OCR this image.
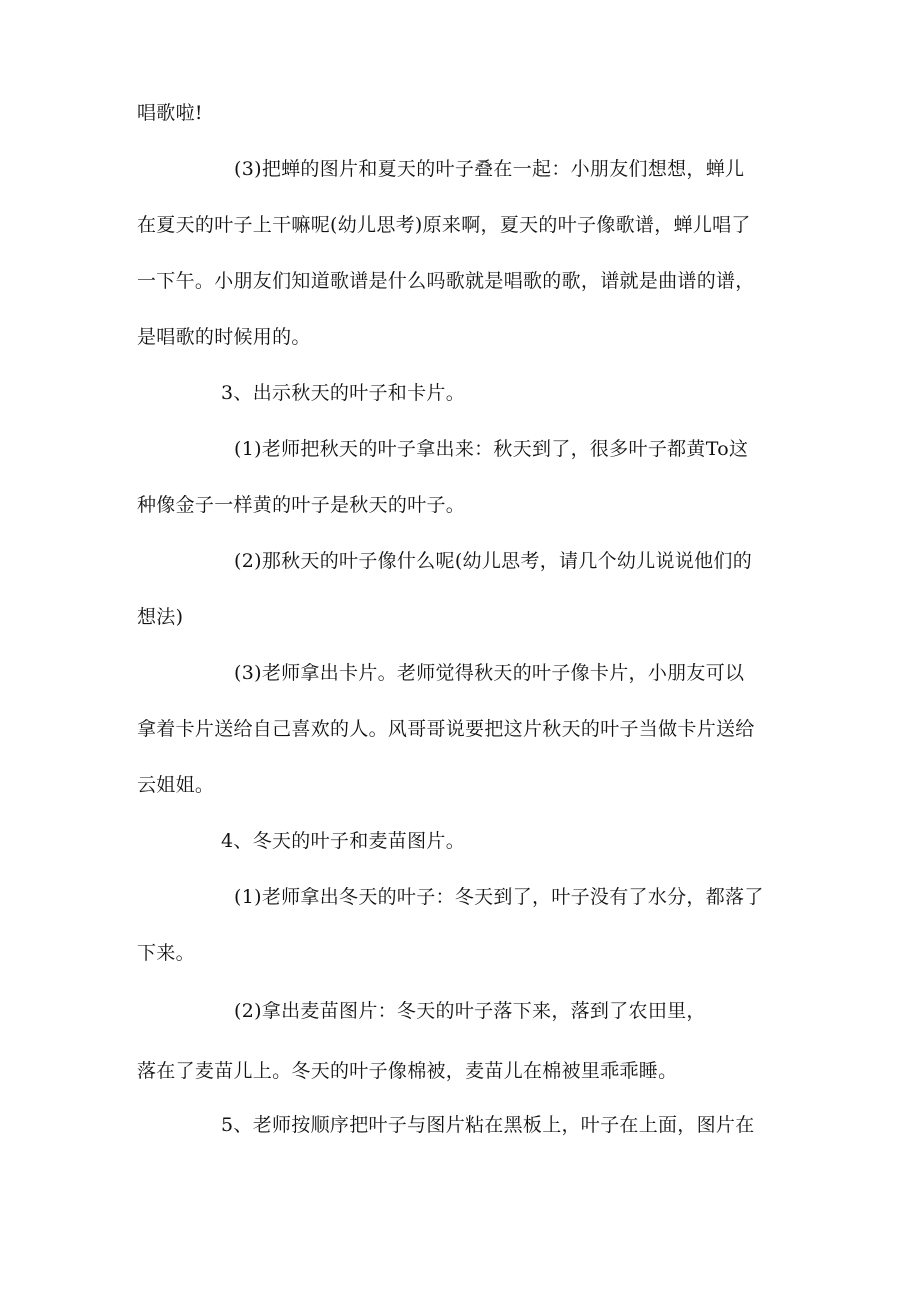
唱歌啦!

(3)把蝉的图片和夏天的叶子叠在一起：小朋友们想想，蝉儿
在夏天的叶子上干嘛呢(幼儿思考)原来啊，夏天的叶子像歌谱，蝉儿唱了
一下午。小朋友们知道歌谱是什么吗歌就是唱歌的歌，谱就是曲谱的谱，
是唱歌的时候用的。

3、出示秋天的叶子和卡片。

(1)老师把秋天的叶子拿出来：秋天到了，很多叶子都黄To这
种像金子一样黄的叶子是秋天的叶子。

(2)那秋天的叶子像什么呢(幼儿思考，请几个幼儿说说他们的
想法)

(3)老师拿出卡片。老师觉得秋天的叶子像卡片，小朋友可以
拿着卡片送给自己喜欢的人。风哥哥说要把这片秋天的叶子当做卡片送给
云姐姐。

4、冬天的叶子和麦苗图片。

(1)老师拿出冬天的叶子：冬天到了，叶子没有了水分，都落了
下来。

(2)拿出麦苗图片：冬天的叶子落下来，落到了农田里，

落在了麦苗儿上。冬天的叶子像棉被，麦苗儿在棉被里乖乖睡。

5、老师按顺序把叶子与图片粘在黑板上，叶子在上面，图片在
